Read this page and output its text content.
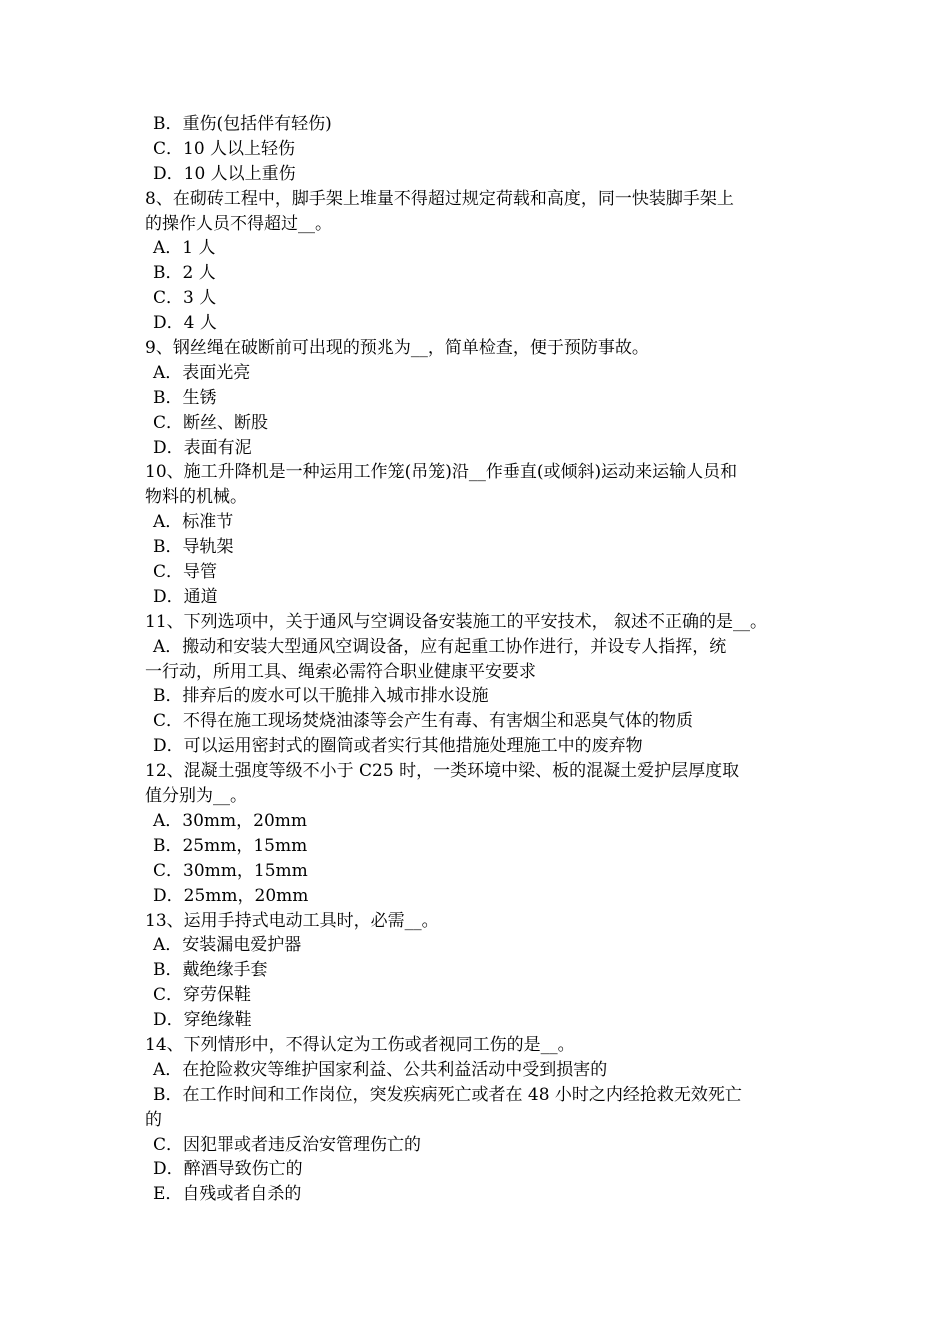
B．重伤(包括伴有轻伤)
C．10 人以上轻伤
D．10 人以上重伤
8、在砌砖工程中，脚手架上堆量不得超过规定荷载和高度，同一快装脚手架上
的操作人员不得超过__。
A．1 人
B．2 人
C．3 人
D．4 人
9、钢丝绳在破断前可出现的预兆为__，简单检查，便于预防事故。
A．表面光亮
B．生锈
C．断丝、断股
D．表面有泥
10、施工升降机是一种运用工作笼(吊笼)沿__作垂直(或倾斜)运动来运输人员和
物料的机械。
A．标准节
B．导轨架
C．导管
D．通道
11、下列选项中，关于通风与空调设备安装施工的平安技术， 叙述不正确的是__。
A．搬动和安装大型通风空调设备，应有起重工协作进行，并设专人指挥，统
一行动，所用工具、绳索必需符合职业健康平安要求
B．排弃后的废水可以干脆排入城市排水设施
C．不得在施工现场焚烧油漆等会产生有毒、有害烟尘和恶臭气体的物质
D．可以运用密封式的圈筒或者实行其他措施处理施工中的废弃物
12、混凝土强度等级不小于 C25 时，一类环境中梁、板的混凝土爱护层厚度取
值分别为__。
A．30mm，20mm
B．25mm，15mm
C．30mm，15mm
D．25mm，20mm
13、运用手持式电动工具时，必需__。
A．安装漏电爱护器
B．戴绝缘手套
C．穿劳保鞋
D．穿绝缘鞋
14、下列情形中，不得认定为工伤或者视同工伤的是__。
A．在抢险救灾等维护国家利益、公共利益活动中受到损害的
B．在工作时间和工作岗位，突发疾病死亡或者在 48 小时之内经抢救无效死亡
的
C．因犯罪或者违反治安管理伤亡的
D．醉酒导致伤亡的
E．自残或者自杀的
